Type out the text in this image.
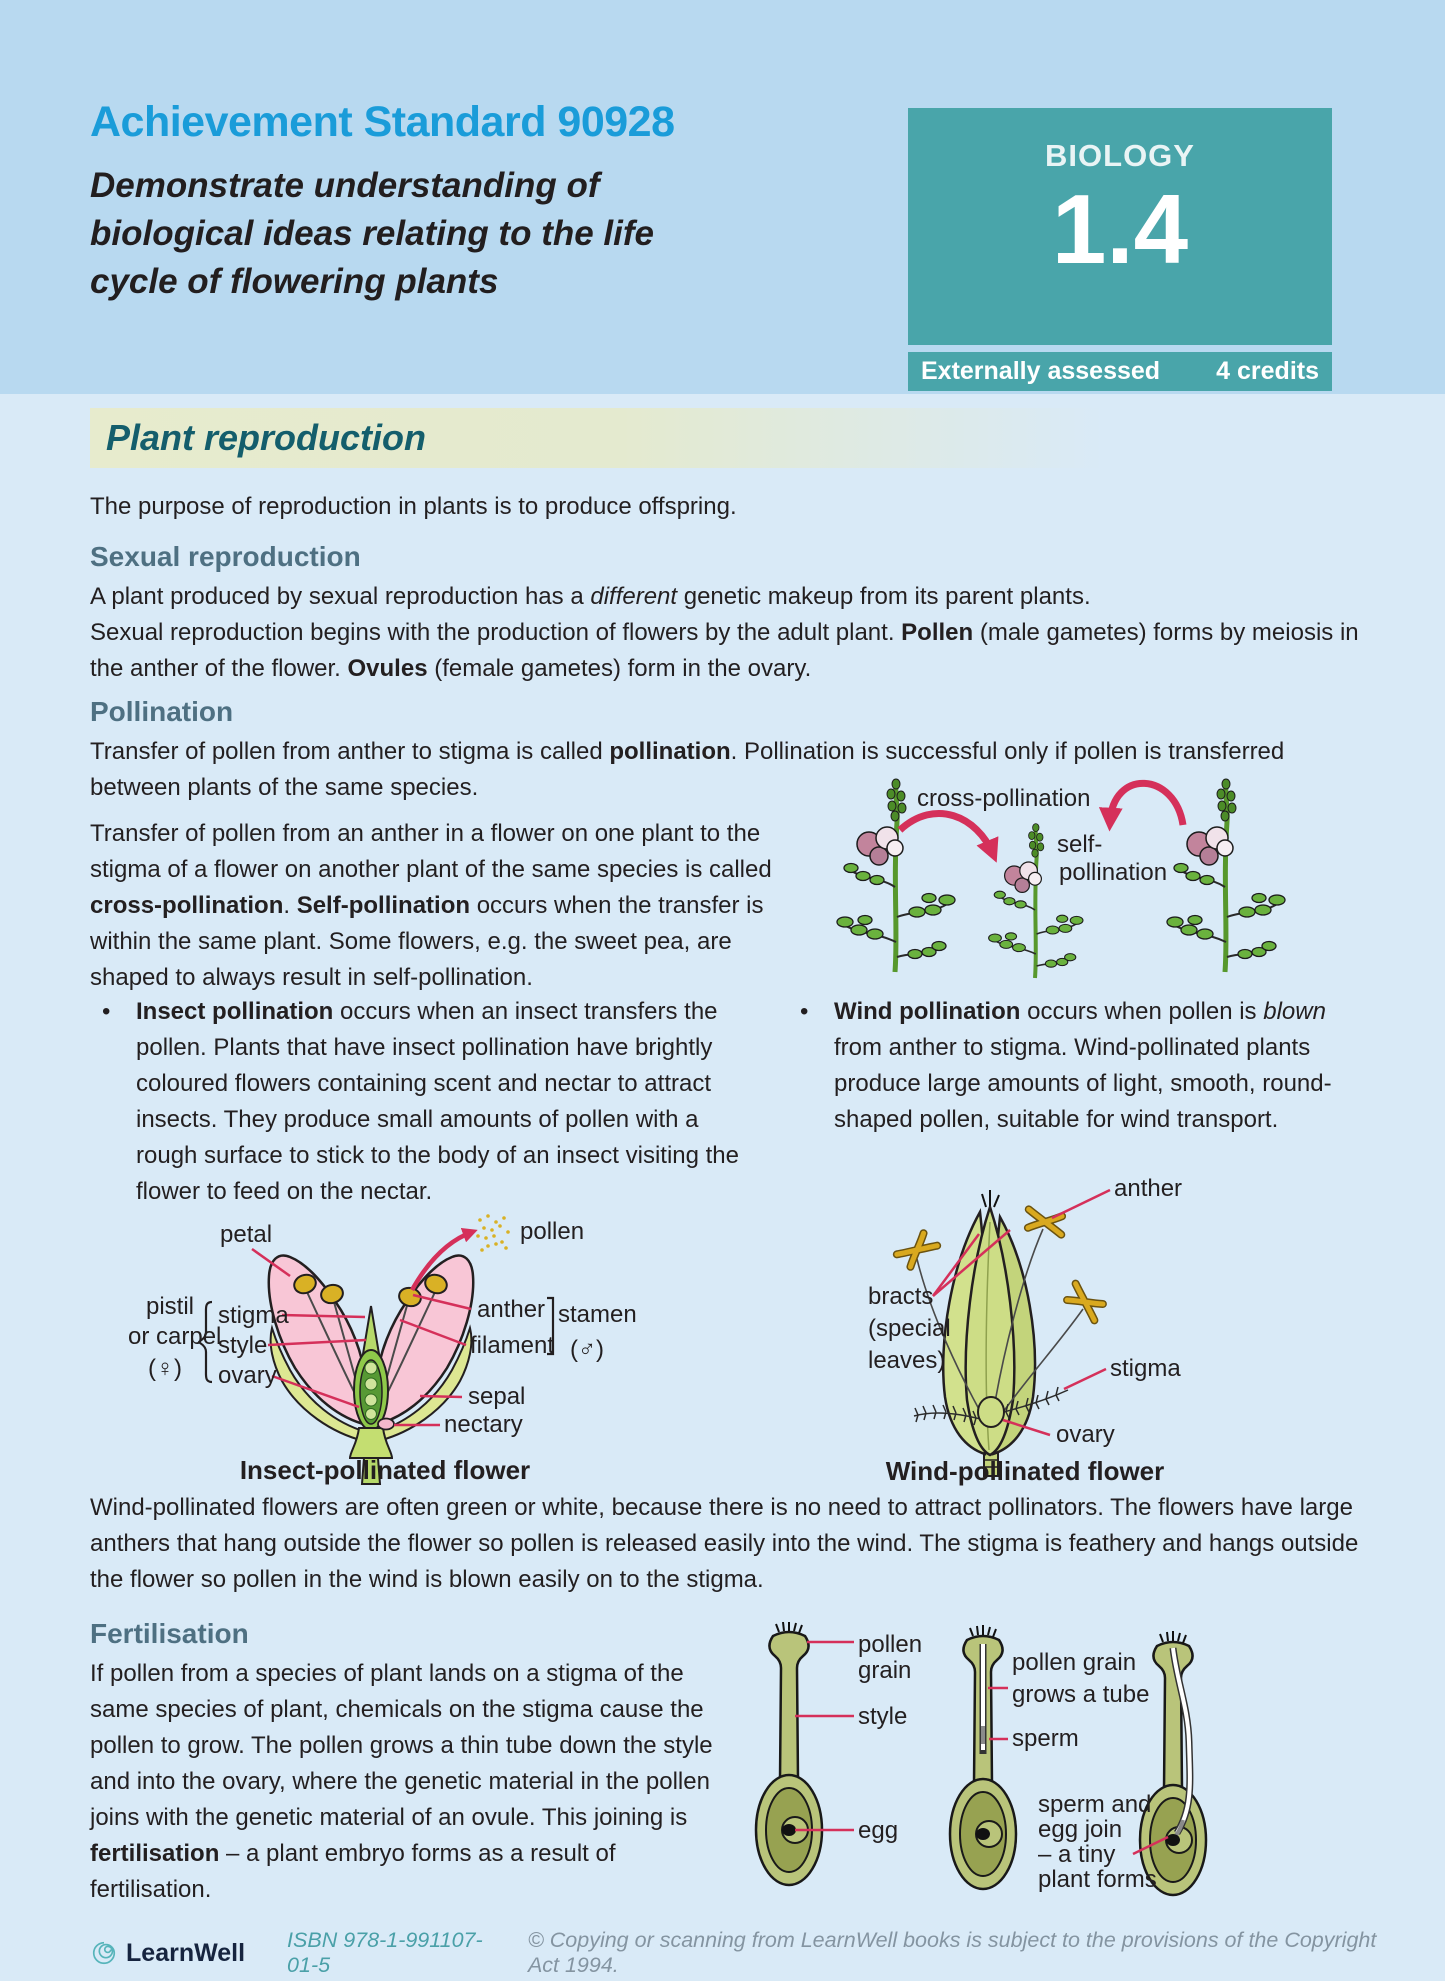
Achievement Standard 90928
Demonstrate understanding of
biological ideas relating to the life
cycle of flowering plants
BIOLOGY
1.4
Externally assessed 4 credits
Plant reproduction
The purpose of reproduction in plants is to produce offspring.
Sexual reproduction

A plant produced by sexual reproduction has a different genetic makeup from its parent plants.

Sexual reproduction begins with the production of flowers by the adult plant. Pollen (male gametes) forms by meiosis in the anther of the flower. Ovules (female gametes) form in the ovary.

Pollination
Transfer of pollen from anther to stigma is called pollination. Pollination is successful only if pollen is transferred between plants of the same species.
Transfer of pollen from an anther in a flower on one plant to the stigma of a flower on another plant of the same species is called cross-pollination. Self-pollination occurs when the transfer is within the same plant. Some flowers, e.g. the sweet pea, are shaped to always result in self-pollination.
cross-pollination
self-
pollination
•	Insect pollination occurs when an insect transfers the pollen. Plants that have insect pollination have brightly coloured flowers containing scent and nectar to attract insects. They produce small amounts of pollen with a rough surface to stick to the body of an insect visiting the flower to feed on the nectar.
•	Wind pollination occurs when pollen is blown from anther to stigma. Wind-pollinated plants produce large amounts of light, smooth, round-shaped pollen, suitable for wind transport.
petal	pollen
pistil
or carpel
(♀)
stigma
style
ovary
anther
filament
stamen
(♂)
sepal
nectary
Insect-pollinated flower
anther
bracts
(special
leaves)	stigma
ovary
Wind-pollinated flower
Wind-pollinated flowers are often green or white, because there is no need to attract pollinators. The flowers have large anthers that hang outside the flower so pollen is released easily into the wind. The stigma is feathery and hangs outside the flower so pollen in the wind is blown easily on to the stigma.
Fertilisation
If pollen from a species of plant lands on a stigma of the same species of plant, chemicals on the stigma cause the pollen to grow. The pollen grows a thin tube down the style and into the ovary, where the genetic material in the pollen joins with the genetic material of an ovule. This joining is fertilisation – a plant embryo forms as a result of fertilisation.
pollen
grain
style
egg
pollen grain
grows a tube
sperm
sperm and
egg join
– a tiny
plant forms
LearnWell ISBN 978-1-991107-01-5
© Copying or scanning from LearnWell books is subject to the provisions of the Copyright Act 1994.
